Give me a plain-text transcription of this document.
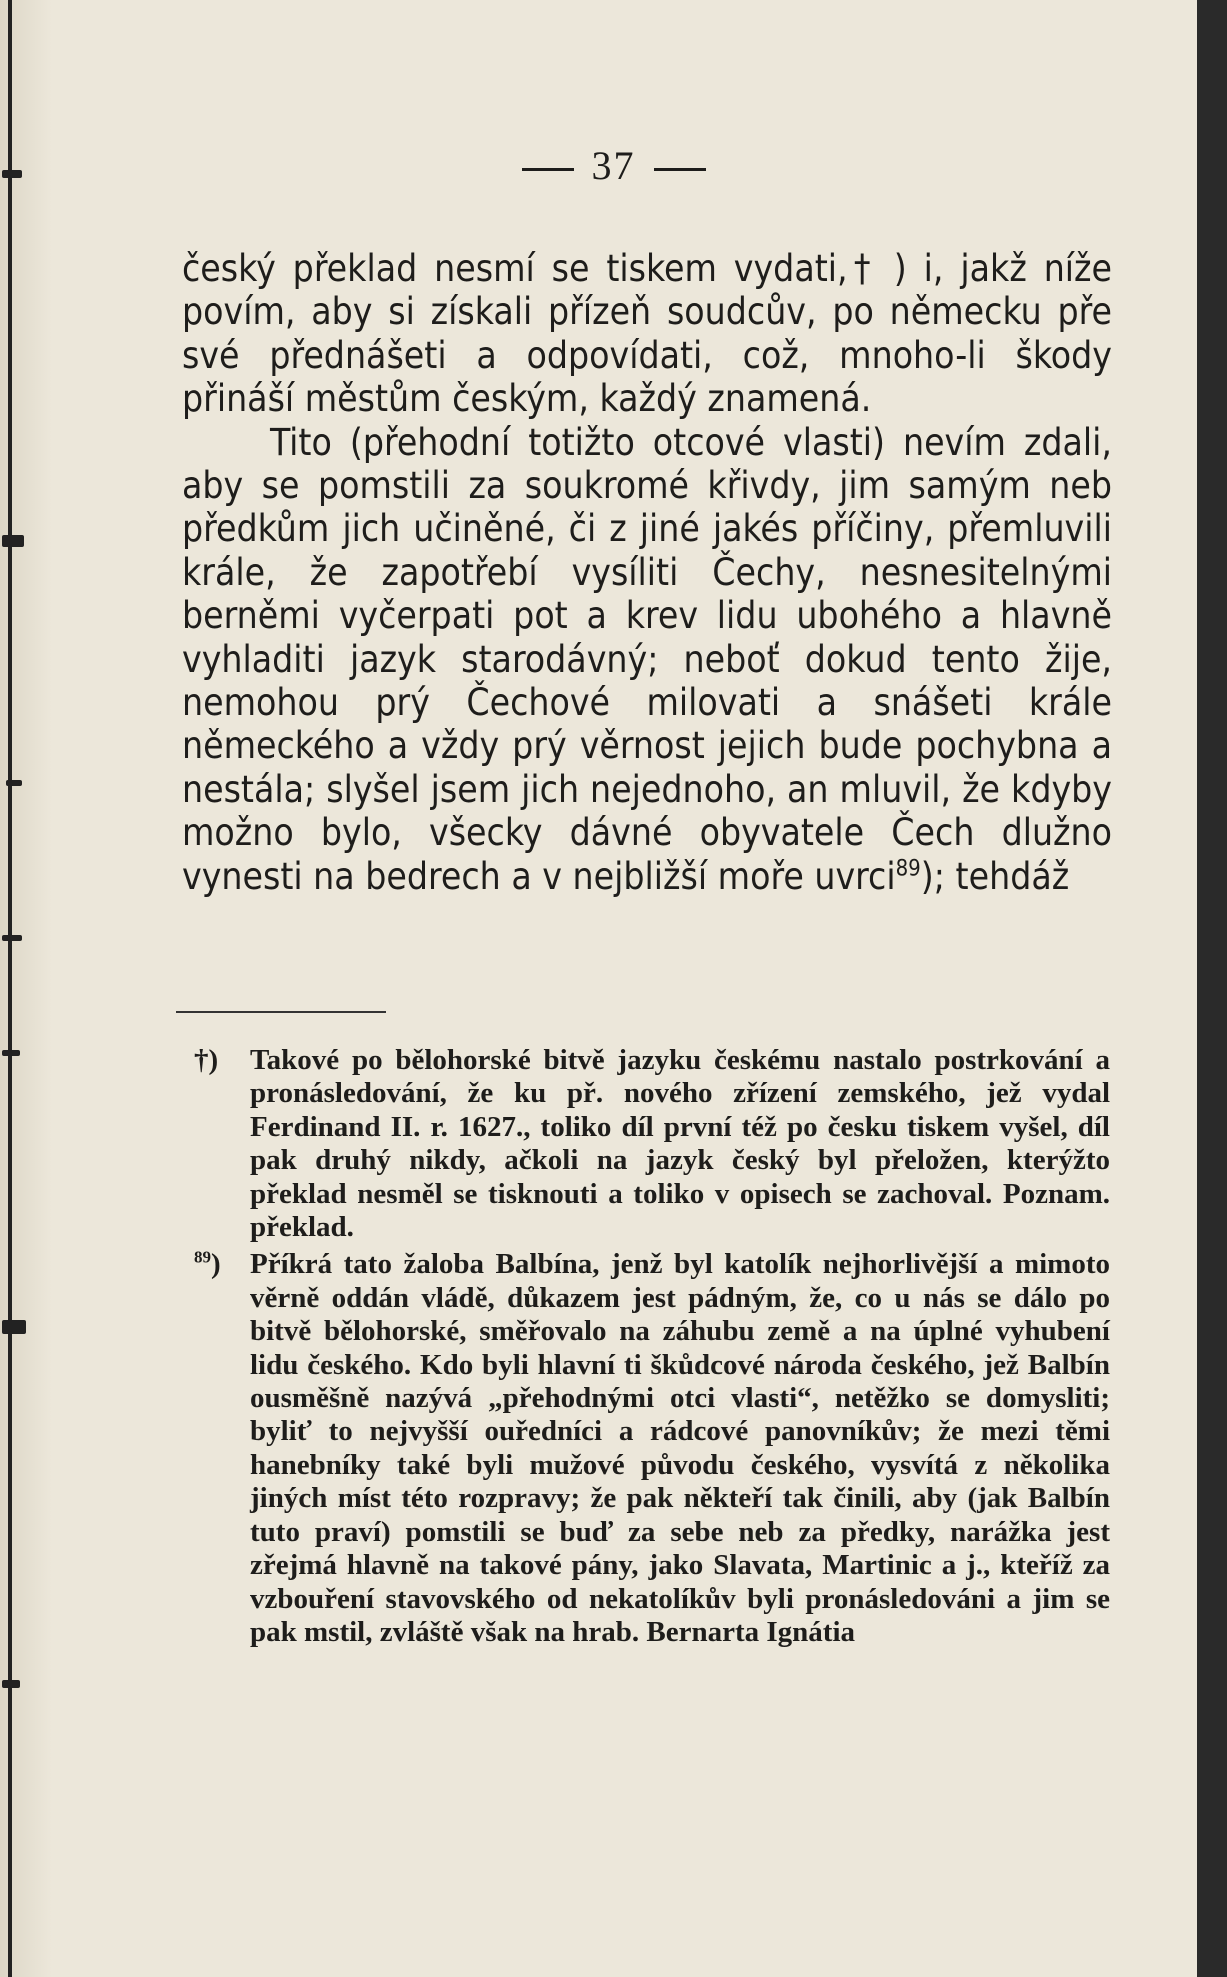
37

český překlad nesmí se tiskem vydati,† ) i, jakž níže povím, aby si získali přízeň soudcův, po německu pře své přednášeti a odpovídati, což, mnoho-li škody přináší městům českým, každý znamená.

Tito (přehodní totižto otcové vlasti) nevím zdali, aby se pomstili za soukromé křivdy, jim samým neb předkům jich učiněné, či z jiné jakés příčiny, přemluvili krále, že zapotřebí vysíliti Čechy, nesnesitelnými berněmi vyčerpati pot a krev lidu ubohého a hlavně vyhladiti jazyk starodávný; neboť dokud tento žije, nemohou prý Čechové milovati a snášeti krále německého a vždy prý věrnost jejich bude pochybna a nestála; slyšel jsem jich nejednoho, an mluvil, že kdyby možno bylo, všecky dávné obyvatele Čech dlužno vynesti na bedrech a v nejbližší moře uvrci$^{89}$); tehdáž

†) Takové po bělohorské bitvě jazyku českému nastalo postrkování a pronásledování, že ku př. nového zřízení zemského, jež vydal Ferdinand II. r. 1627., toliko díl první též po česku tiskem vyšel, díl pak druhý nikdy, ačkoli na jazyk český byl přeložen, kterýžto překlad nesměl se tisknouti a toliko v opisech se zachoval. Poznam. překlad.
$^{89}$) Příkrá tato žaloba Balbína, jenž byl katolík nejhorlivější a mimoto věrně oddán vládě, důkazem jest pádným, že, co u nás se dálo po bitvě bělohorské, směřovalo na záhubu země a na úplné vyhubení lidu českého. Kdo byli hlavní ti škůdcové národa českého, jež Balbín ousměšně nazývá „přehodnými otci vlasti“, netěžko se domysliti; byliť to nejvyšší ouředníci a rádcové panovníkův; že mezi těmi hanebníky také byli mužové původu českého, vysvítá z několika jiných míst této rozpravy; že pak někteří tak činili, aby (jak Balbín tuto praví) pomstili se buď za sebe neb za předky, narážka jest zřejmá hlavně na takové pány, jako Slavata, Martinic a j., kteříž za vzbouření stavovského od nekatolíkův byli pronásledováni a jim se pak mstil, zvláště však na hrab. Bernarta Ignátia
